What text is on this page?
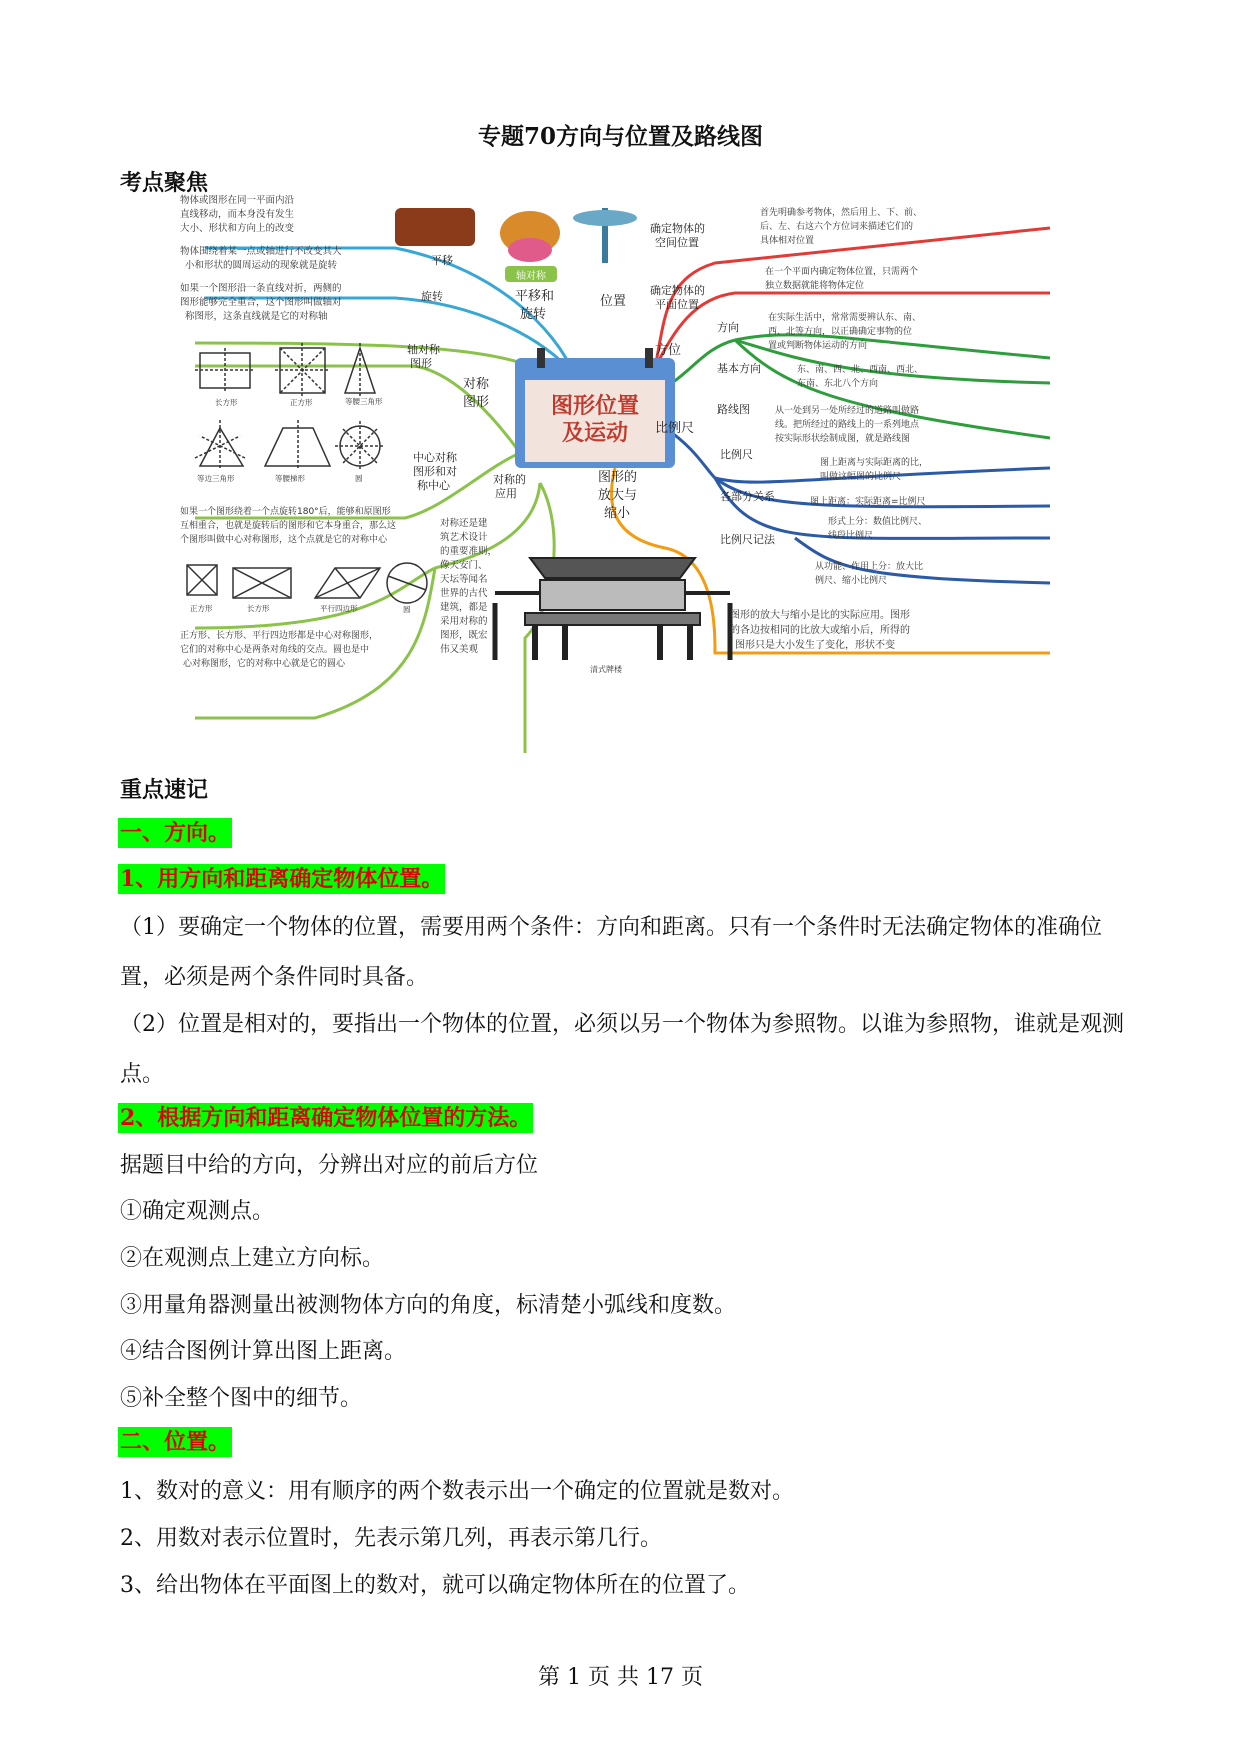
专题70方向与位置及路线图
考点聚焦
图形位置
及运动
轴对称
物体或图形在同一平面内沿
直线移动，而本身没有发生
大小、形状和方向上的改变
物体围绕着某一点或轴进行不改变其大
小和形状的圆周运动的现象就是旋转
如果一个图形沿一条直线对折，两侧的
图形能够完全重合，这个图形叫做轴对
称图形，这条直线就是它的对称轴
平移
旋转	平移和
旋转
轴对称
图形
对称
图形
中心对称
图形和对
称中心	对称的
应用
长方形	正方形	等腰三角形
等边三角形	等腰梯形	圆
如果一个图形绕着一个点旋转180°后，能够和原图形
互相重合，也就是旋转后的图形和它本身重合，那么这
个图形叫做中心对称图形，这个点就是它的对称中心
正方形	长方形	平行四边形	圆
正方形、长方形、平行四边形都是中心对称图形，
它们的对称中心是两条对角线的交点。圆也是中
心对称图形，它的对称中心就是它的圆心
对称还是建
筑艺术设计
的重要准则，
像天安门、
天坛等闻名
世界的古代
建筑，都是
采用对称的
图形，既宏
伟又美观
清式牌楼
位置
确定物体的
空间位置
确定物体的
平面位置
方位
方向
基本方向
路线图
比例尺
比例尺
各部分关系
比例尺记法
图形的
放大与
缩小
首先明确参考物体，然后用上、下、前、
后、左、右这六个方位词来描述它们的
具体相对位置
在一个平面内确定物体位置，只需两个
独立数据就能将物体定位
在实际生活中，常常需要辨认东、南、
西、北等方向，以正确确定事物的位
置或判断物体运动的方向
东、南、西、北、西南、西北、
东南、东北八个方向
从一处到另一处所经过的道路叫做路
线。把所经过的路线上的一系列地点
按实际形状绘制成图，就是路线图
图上距离与实际距离的比，
叫做这幅图的比例尺
图上距离：实际距离=比例尺
形式上分：数值比例尺、
线段比例尺
从功能、作用上分：放大比
例尺、缩小比例尺
图形的放大与缩小是比的实际应用。图形
的各边按相同的比放大或缩小后，所得的
图形只是大小发生了变化，形状不变
重点速记
一、方向。
1、用方向和距离确定物体位置。
（1）要确定一个物体的位置，需要用两个条件：方向和距离。只有一个条件时无法确定物体的准确位置，必须是两个条件同时具备。
（2）位置是相对的，要指出一个物体的位置，必须以另一个物体为参照物。以谁为参照物，谁就是观测点。
2、根据方向和距离确定物体位置的方法。
据题目中给的方向，分辨出对应的前后方位
①确定观测点。
②在观测点上建立方向标。
③用量角器测量出被测物体方向的角度，标清楚小弧线和度数。
④结合图例计算出图上距离。
⑤补全整个图中的细节。
二、位置。
1、数对的意义：用有顺序的两个数表示出一个确定的位置就是数对。
2、用数对表示位置时，先表示第几列，再表示第几行。
3、给出物体在平面图上的数对，就可以确定物体所在的位置了。
第 1 页 共 17 页
